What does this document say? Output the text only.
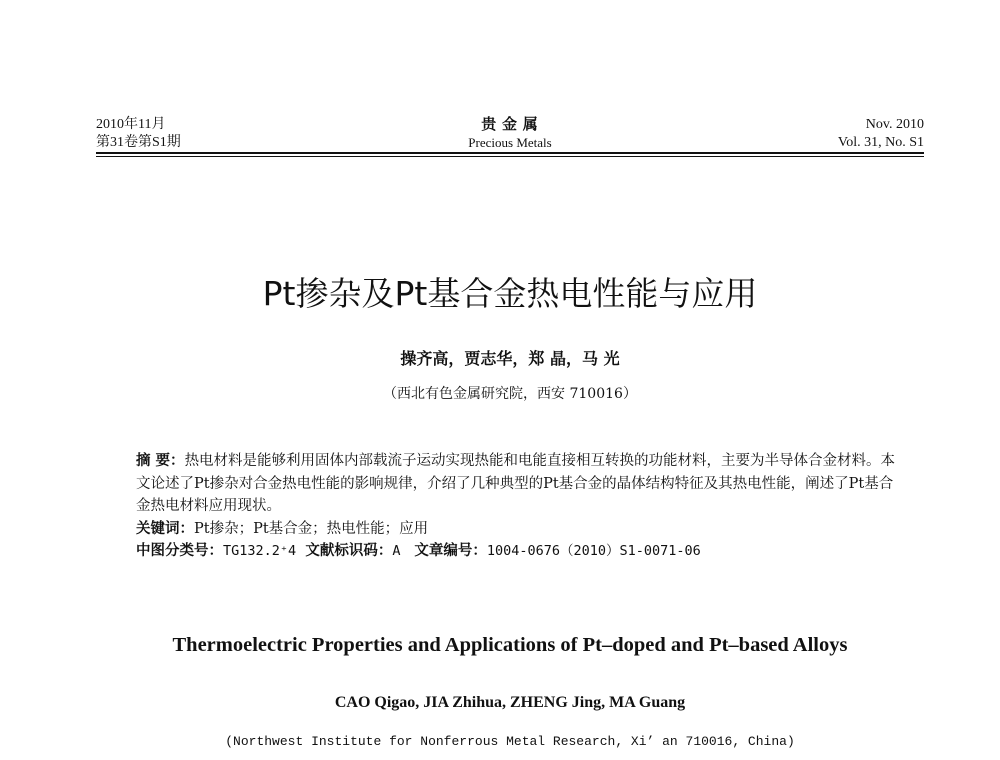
2010年11月
第31卷第S1期
贵 金 属
Precious Metals
Nov. 2010
Vol. 31, No. S1
Pt掺杂及Pt基合金热电性能与应用
操齐高，贾志华，郑 晶，马 光
（西北有色金属研究院，西安 710016）

摘 要：热电材料是能够利用固体内部载流子运动实现热能和电能直接相互转换的功能材料，主要为半导体合金材料。本文论述了Pt掺杂对合金热电性能的影响规律，介绍了几种典型的Pt基合金的晶体结构特征及其热电性能，阐述了Pt基合金热电材料应用现状。

关键词：Pt掺杂；Pt基合金；热电性能；应用

中图分类号：TG132.2⁺4 文献标识码：A 文章编号：1004-0676（2010）S1-0071-06

Thermoelectric Properties and Applications of Pt–doped and Pt–based Alloys
CAO Qigao, JIA Zhihua, ZHENG Jing, MA Guang
(Northwest Institute for Nonferrous Metal Research, Xi’ an 710016, China)
